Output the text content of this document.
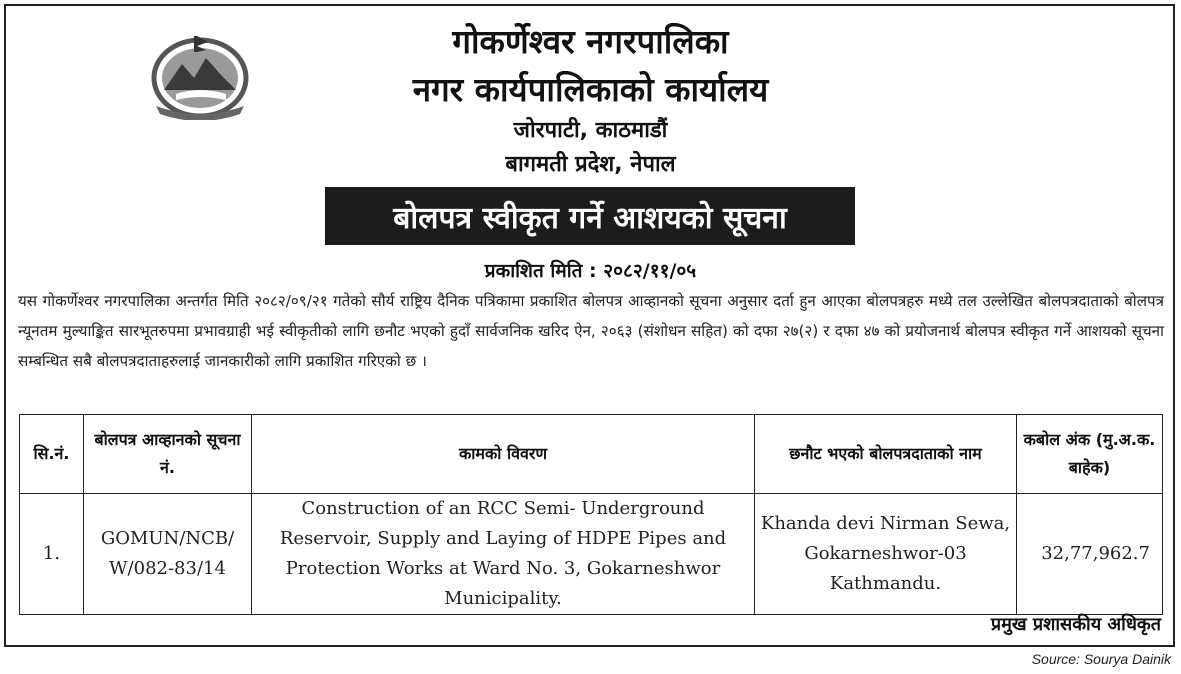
गोकर्णेश्वर नगरपालिका
नगर कार्यपालिकाको कार्यालय
जोरपाटी, काठमाडौं
बागमती प्रदेश, नेपाल
बोलपत्र स्वीकृत गर्ने आशयको सूचना
प्रकाशित मिति : २०८२/११/०५
यस गोकर्णेश्वर नगरपालिका अन्तर्गत मिति २०८२/०९/२१ गतेको सौर्य राष्ट्रिय दैनिक पत्रिकामा प्रकाशित बोलपत्र आव्हानको सूचना अनुसार दर्ता हुन आएका बोलपत्रहरु मध्ये तल उल्लेखित बोलपत्रदाताको बोलपत्र न्यूनतम मुल्याङ्कित सारभूतरुपमा प्रभावग्राही भई स्वीकृतीको लागि छनौट भएको हुदाँ सार्वजनिक खरिद ऐन, २०६३ (संशोधन सहित) को दफा २७(२) र दफा ४७ को प्रयोजनार्थ बोलपत्र स्वीकृत गर्ने आशयको सूचना सम्बन्धित सबै बोलपत्रदाताहरुलाई जानकारीको लागि प्रकाशित गरिएको छ ।
सि.नं.	बोलपत्र आव्हानको सूचना नं.	कामको विवरण	छनौट भएको बोलपत्रदाताको नाम	कबोल अंक (मु.अ.क. बाहेक)
1.	GOMUN/NCB/ W/082-83/14	Construction of an RCC Semi- Underground Reservoir, Supply and Laying of HDPE Pipes and Protection Works at Ward No. 3, Gokarneshwor Municipality.	Khanda devi Nirman Sewa, Gokarneshwor-03 Kathmandu.	32,77,962.7
प्रमुख प्रशासकीय अधिकृत
Source: Sourya Dainik
